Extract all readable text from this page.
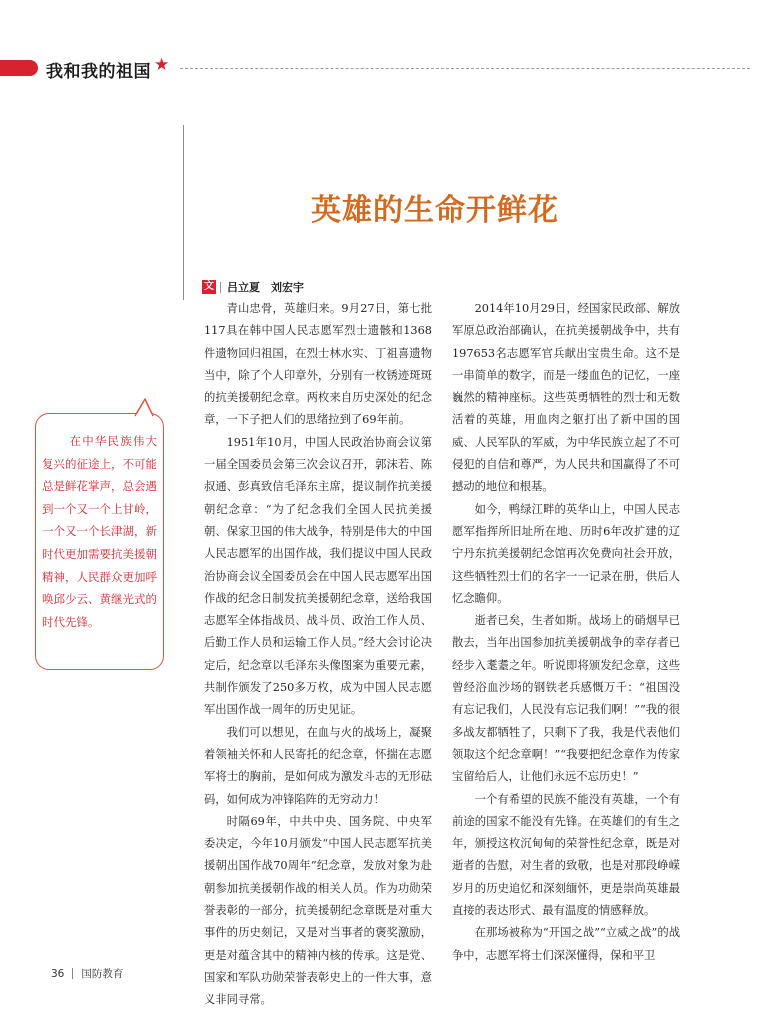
我和我的祖国 ★
英雄的生命开鲜花
文 吕立夏　刘宏宇

青山忠骨，英雄归来。9月27日，第七批117具在韩中国人民志愿军烈士遗骸和1368件遗物回归祖国，在烈士林水实、丁祖喜遗物当中，除了个人印章外，分别有一枚锈迹斑斑的抗美援朝纪念章。两枚来自历史深处的纪念章，一下子把人们的思绪拉到了69年前。

1951年10月，中国人民政治协商会议第一届全国委员会第三次会议召开，郭沫若、陈叔通、彭真致信毛泽东主席，提议制作抗美援朝纪念章：“为了纪念我们全国人民抗美援朝、保家卫国的伟大战争，特别是伟大的中国人民志愿军的出国作战，我们提议中国人民政治协商会议全国委员会在中国人民志愿军出国作战的纪念日制发抗美援朝纪念章，送给我国志愿军全体指战员、战斗员、政治工作人员、后勤工作人员和运输工作人员。”经大会讨论决定后，纪念章以毛泽东头像图案为重要元素，共制作颁发了250多万枚，成为中国人民志愿军出国作战一周年的历史见证。

我们可以想见，在血与火的战场上，凝聚着领袖关怀和人民寄托的纪念章，怀揣在志愿军将士的胸前，是如何成为激发斗志的无形砝码，如何成为冲锋陷阵的无穷动力！

时隔69年，中共中央、国务院、中央军委决定，今年10月颁发“中国人民志愿军抗美援朝出国作战70周年”纪念章，发放对象为赴朝参加抗美援朝作战的相关人员。作为功勋荣誉表彰的一部分，抗美援朝纪念章既是对重大事件的历史刻记，又是对当事者的褒奖激励，更是对蕴含其中的精神内核的传承。这是党、国家和军队功勋荣誉表彰史上的一件大事，意义非同寻常。

2014年10月29日，经国家民政部、解放军原总政治部确认，在抗美援朝战争中，共有197653名志愿军官兵献出宝贵生命。这不是一串简单的数字，而是一缕血色的记忆，一座巍然的精神座标。这些英勇牺牲的烈士和无数活着的英雄，用血肉之躯打出了新中国的国威、人民军队的军威，为中华民族立起了不可侵犯的自信和尊严，为人民共和国赢得了不可撼动的地位和根基。

如今，鸭绿江畔的英华山上，中国人民志愿军指挥所旧址所在地、历时6年改扩建的辽宁丹东抗美援朝纪念馆再次免费向社会开放，这些牺牲烈士们的名字一一记录在册，供后人忆念瞻仰。

逝者已矣，生者如斯。战场上的硝烟早已散去，当年出国参加抗美援朝战争的幸存者已经步入耄耋之年。听说即将颁发纪念章，这些曾经浴血沙场的钢铁老兵感慨万千：“祖国没有忘记我们，人民没有忘记我们啊！”“我的很多战友都牺牲了，只剩下了我，我是代表他们领取这个纪念章啊！”“我要把纪念章作为传家宝留给后人，让他们永远不忘历史！”

一个有希望的民族不能没有英雄，一个有前途的国家不能没有先锋。在英雄们的有生之年，颁授这枚沉甸甸的荣誉性纪念章，既是对逝者的告慰，对生者的致敬，也是对那段峥嵘岁月的历史追忆和深刻缅怀，更是崇尚英雄最直接的表达形式、最有温度的情感释放。

在那场被称为“开国之战”“立威之战”的战争中，志愿军将士们深深懂得，保和平卫

在中华民族伟大复兴的征途上，不可能总是鲜花掌声，总会遇到一个又一个上甘岭，一个又一个长津湖，新时代更加需要抗美援朝精神，人民群众更加呼唤邱少云、黄继光式的时代先锋。
36 国防教育
